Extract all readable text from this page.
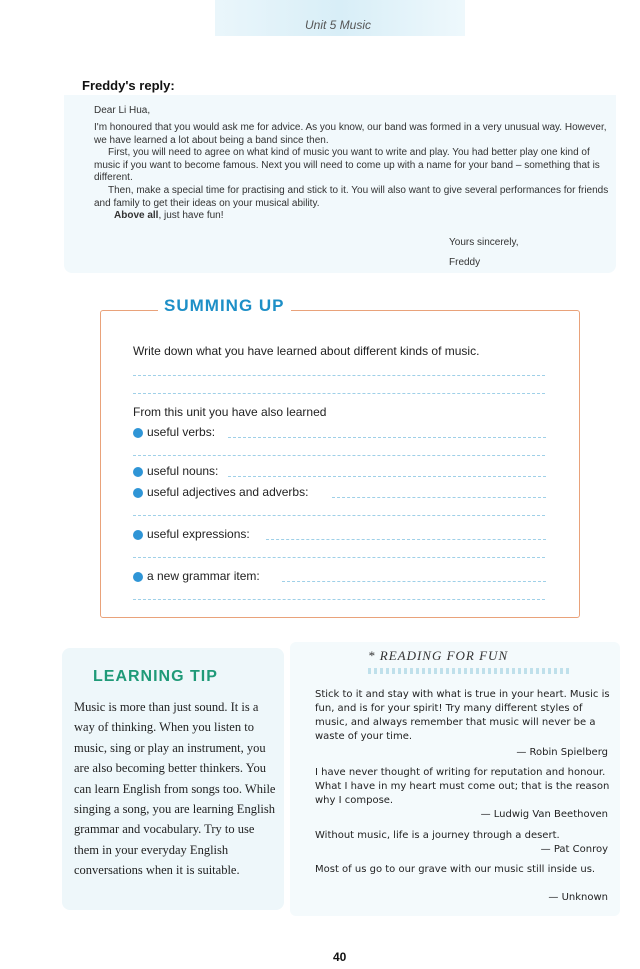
Unit 5 Music
Freddy's reply:

Dear Li Hua,

I'm honoured that you would ask me for advice. As you know, our band was formed in a very unusual way. However, we have learned a lot about being a band since then.

First, you will need to agree on what kind of music you want to write and play. You had better play one kind of music if you want to become famous. Next you will need to come up with a name for your band – something that is different.

Then, make a special time for practising and stick to it. You will also want to give several performances for friends and family to get their ideas on your musical ability.

Above all, just have fun!

Yours sincerely,
Freddy
SUMMING UP
Write down what you have learned about different kinds of music.
From this unit you have also learned
useful verbs:
useful nouns:
useful adjectives and adverbs:
useful expressions:
a new grammar item:
LEARNING TIP
Music is more than just sound. It is a way of thinking. When you listen to music, sing or play an instrument, you are also becoming better thinkers. You can learn English from songs too. While singing a song, you are learning English grammar and vocabulary. Try to use them in your everyday English conversations when it is suitable.
* READING FOR FUN
Stick to it and stay with what is true in your heart. Music is fun, and is for your spirit! Try many different styles of music, and always remember that music will never be a waste of your time.
— Robin Spielberg
I have never thought of writing for reputation and honour. What I have in my heart must come out; that is the reason why I compose.
— Ludwig Van Beethoven
Without music, life is a journey through a desert.
— Pat Conroy
Most of us go to our grave with our music still inside us.
— Unknown
40
